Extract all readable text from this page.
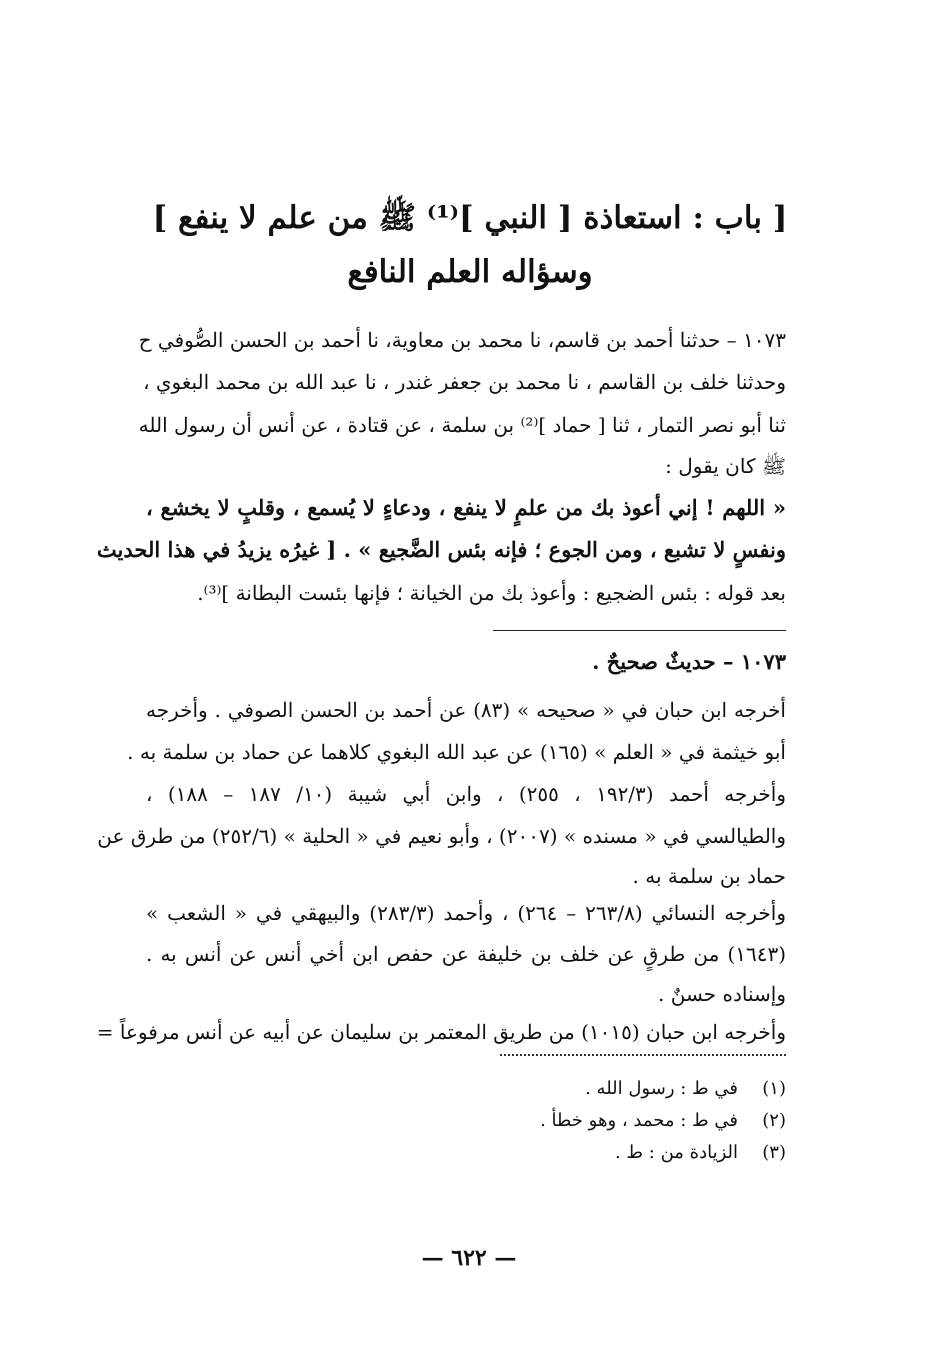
[ باب : استعاذة [ النبي ]⁽¹⁾ ﷺ من علم لا ينفع ]
وسؤاله العلم النافع
١٠٧٣ – حدثنا أحمد بن قاسم، نا محمد بن معاوية، نا أحمد بن الحسن الصُّوفي ح
وحدثنا خلف بن القاسم ، نا محمد بن جعفر غندر ، نا عبد الله بن محمد البغوي ،
ثنا أبو نصر التمار ، ثنا [ حماد ]⁽²⁾ بن سلمة ، عن قتادة ، عن أنس أن رسول الله
ﷺ كان يقول :
« اللهم ! إني أعوذ بك من علمٍ لا ينفع ، ودعاءٍ لا يُسمع ، وقلبٍ لا يخشع ،
ونفسٍ لا تشبع ، ومن الجوع ؛ فإنه بئس الضَّجيع » . [ غيرُه يزيدُ في هذا الحديث
بعد قوله : بئس الضجيع : وأعوذ بك من الخيانة ؛ فإنها بئست البطانة ]⁽³⁾.
١٠٧٣ – حديثٌ صحيحٌ .
أخرجه ابن حبان في « صحيحه » (٨٣) عن أحمد بن الحسن الصوفي . وأخرجه
أبو خيثمة في « العلم » (١٦٥) عن عبد الله البغوي كلاهما عن حماد بن سلمة به .
وأخرجه أحمد (١٩٢/٣ ، ٢٥٥) ، وابن أبي شيبة (١٠/ ١٨٧ – ١٨٨) ،
والطيالسي في « مسنده » (٢٠٠٧) ، وأبو نعيم في « الحلية » (٢٥٢/٦) من طرق عن
حماد بن سلمة به .
وأخرجه النسائي (٢٦٣/٨ – ٢٦٤) ، وأحمد (٢٨٣/٣) والبيهقي في « الشعب »
(١٦٤٣) من طرقٍ عن خلف بن خليفة عن حفص ابن أخي أنس عن أنس به .
وإسناده حسنٌ .
وأخرجه ابن حبان (١٠١٥) من طريق المعتمر بن سليمان عن أبيه عن أنس مرفوعاً =
(١)في ط : رسول الله .
(٢)في ط : محمد ، وهو خطأ .
(٣)الزيادة من : ط .
— ٦٢٢ —
